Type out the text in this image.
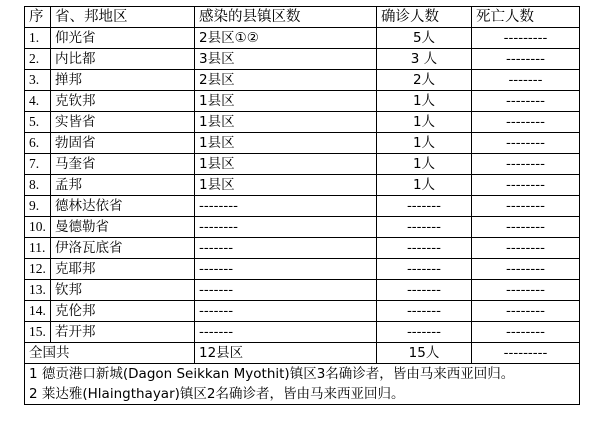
序	省、邦地区	感染的县镇区数	确诊人数	死亡人数
1.	仰光省	2县区①②	5人	---------
2.	内比都	3县区	3 人	--------
3.	掸邦	2县区	2人	-------
4.	克钦邦	1县区	1人	--------
5.	实皆省	1县区	1人	--------
6.	勃固省	1县区	1人	--------
7.	马奎省	1县区	1人	--------
8.	孟邦	1县区	1人	--------
9.	德林达依省	--------	-------	--------
10.	曼德勒省	--------	-------	--------
11.	伊洛瓦底省	-------	-------	--------
12.	克耶邦	-------	-------	--------
13.	钦邦	-------	-------	--------
14.	克伦邦	-------	-------	--------
15.	若开邦	-------	-------	--------
全国共		12县区	15人	---------

1 德贡港口新城(Dagon Seikkan Myothit)镇区3名确诊者，皆由马来西亚回归。
2 莱达雅(Hlaingthayar)镇区2名确诊者，皆由马来西亚回归。				
